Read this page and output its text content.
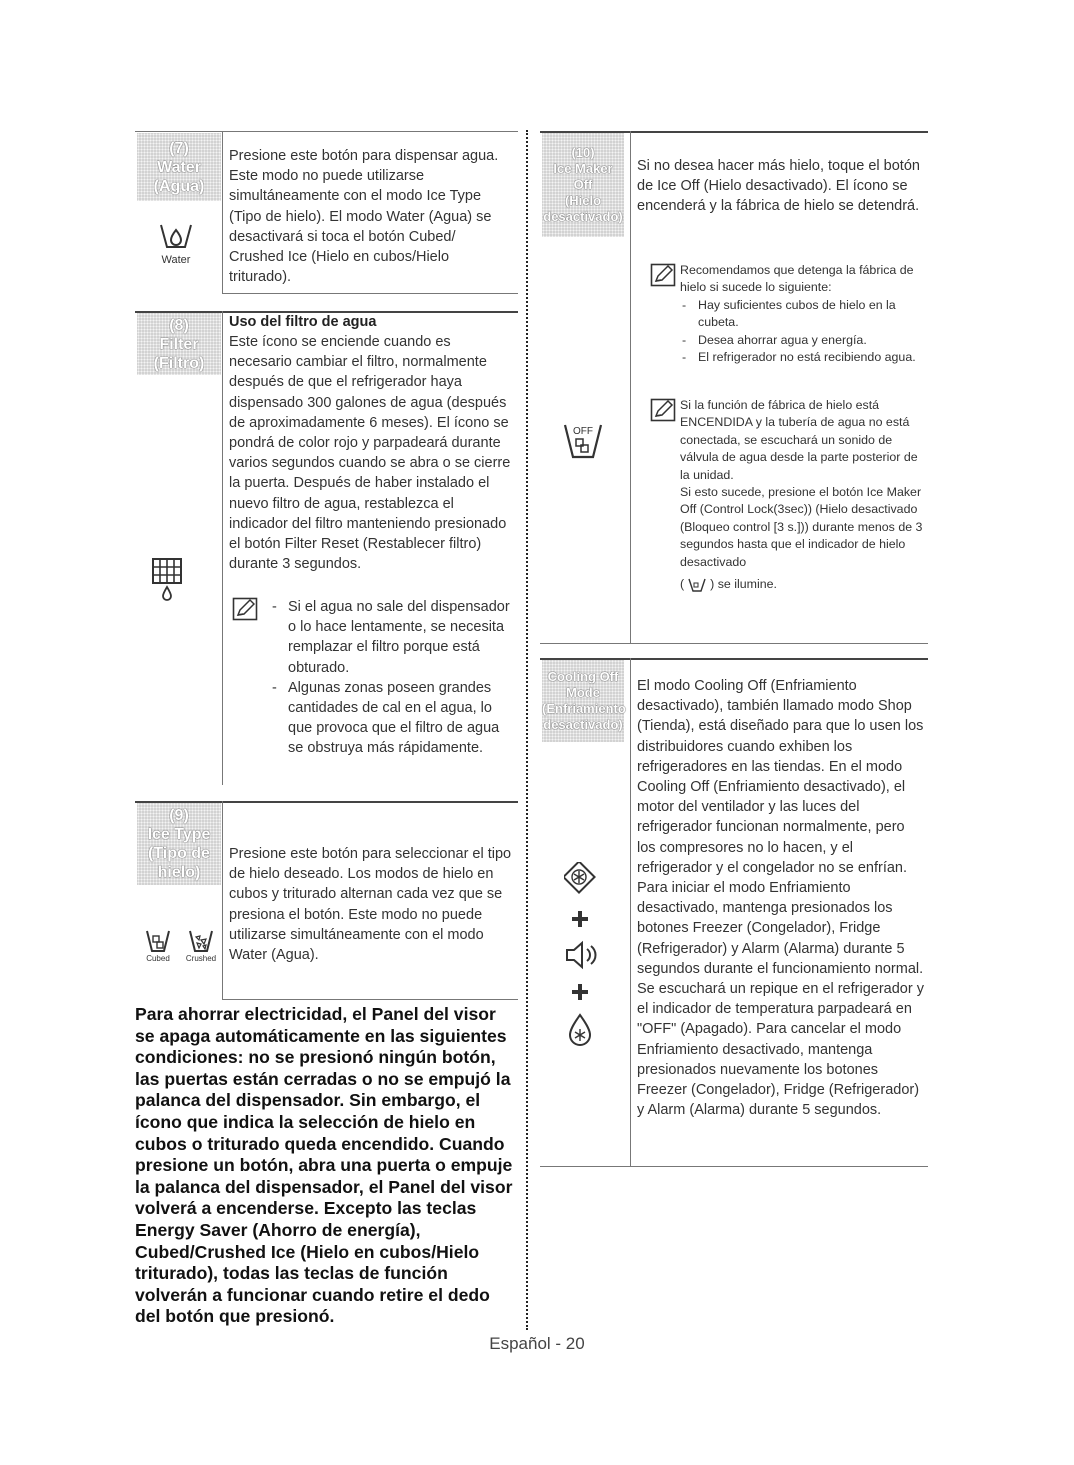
(7)
Water
(Agua)
Water
Presione este botón para dispensar agua. Este modo no puede utilizarse simultáneamente con el modo Ice Type (Tipo de hielo). El modo Water (Agua) se desactivará si toca el botón Cubed/ Crushed Ice (Hielo en cubos/Hielo triturado).
(8)
Filter
(Filtro)
Uso del filtro de agua
Este ícono se enciende cuando es necesario cambiar el filtro, normalmente después de que el refrigerador haya dispensado 300 galones de agua (después de aproximadamente 6 meses). El ícono se pondrá de color rojo y parpadeará durante varios segundos cuando se abra o se cierre la puerta. Después de haber instalado el nuevo filtro de agua, restablezca el indicador del filtro manteniendo presionado el botón Filter Reset (Restablecer filtro) durante 3 segundos.
- Si el agua no sale del dispensador o lo hace lentamente, se necesita remplazar el filtro porque está obturado.
- Algunas zonas poseen grandes cantidades de cal en el agua, lo que provoca que el filtro de agua se obstruya más rápidamente.
(9)
Ice Type
(Tipo de
hielo)
Cubed	Crushed
Presione este botón para seleccionar el tipo de hielo deseado. Los modos de hielo en cubos y triturado alternan cada vez que se presiona el botón. Este modo no puede utilizarse simultáneamente con el modo Water (Agua).
Para ahorrar electricidad, el Panel del visor se apaga automáticamente en las siguientes condiciones: no se presionó ningún botón, las puertas están cerradas o no se empujó la palanca del dispensador. Sin embargo, el ícono que indica la selección de hielo en cubos o triturado queda encendido. Cuando presione un botón, abra una puerta o empuje la palanca del dispensador, el Panel del visor volverá a encenderse. Excepto las teclas Energy Saver (Ahorro de energía), Cubed/Crushed Ice (Hielo en cubos/Hielo triturado), todas las teclas de función volverán a funcionar cuando retire el dedo del botón que presionó.
(10)
Ice Maker
Off
(Hielo
desactivado)
OFF
Si no desea hacer más hielo, toque el botón de Ice Off (Hielo desactivado). El ícono se encenderá y la fábrica de hielo se detendrá.
Recomendamos que detenga la fábrica de hielo si sucede lo siguiente:
- Hay suficientes cubos de hielo en la cubeta.
- Desea ahorrar agua y energía.
- El refrigerador no está recibiendo agua.
Si la función de fábrica de hielo está ENCENDIDA y la tubería de agua no está conectada, se escuchará un sonido de válvula de agua desde la parte posterior de la unidad.
Si esto sucede, presione el botón Ice Maker Off (Control Lock(3sec)) (Hielo desactivado (Bloqueo control [3 s.])) durante menos de 3 segundos hasta que el indicador de hielo desactivado
( ) se ilumine.
Cooling Off
Mode
(Enfriamiento
desactivado)
El modo Cooling Off (Enfriamiento desactivado), también llamado modo Shop (Tienda), está diseñado para que lo usen los distribuidores cuando exhiben los refrigeradores en las tiendas. En el modo Cooling Off (Enfriamiento desactivado), el motor del ventilador y las luces del refrigerador funcionan normalmente, pero los compresores no lo hacen, y el refrigerador y el congelador no se enfrían. Para iniciar el modo Enfriamiento desactivado, mantenga presionados los botones Freezer (Congelador), Fridge (Refrigerador) y Alarm (Alarma) durante 5 segundos durante el funcionamiento normal. Se escuchará un repique en el refrigerador y el indicador de temperatura parpadeará en "OFF" (Apagado). Para cancelar el modo Enfriamiento desactivado, mantenga presionados nuevamente los botones Freezer (Congelador), Fridge (Refrigerador) y Alarm (Alarma) durante 5 segundos.
Español - 20
